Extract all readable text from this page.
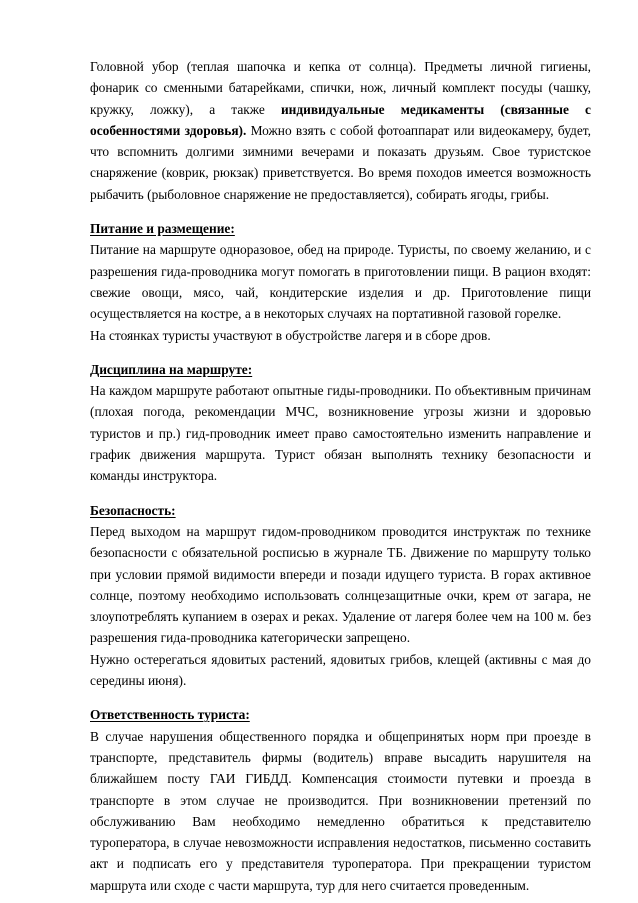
Головной убор (теплая шапочка и кепка от солнца). Предметы личной гигиены, фонарик со сменными батарейками, спички, нож, личный комплект посуды (чашку, кружку, ложку), а также индивидуальные медикаменты (связанные с особенностями здоровья). Можно взять с собой фотоаппарат или видеокамеру, будет, что вспомнить долгими зимними вечерами и показать друзьям. Свое туристское снаряжение (коврик, рюкзак) приветствуется. Во время походов имеется возможность рыбачить (рыболовное снаряжение не предоставляется), собирать ягоды, грибы.

Питание и размещение:

Питание на маршруте одноразовое, обед на природе. Туристы, по своему желанию, и с разрешения гида-проводника могут помогать в приготовлении пищи. В рацион входят: свежие овощи, мясо, чай, кондитерские изделия и др. Приготовление пищи осуществляется на костре, а в некоторых случаях на портативной газовой горелке.

На стоянках туристы участвуют в обустройстве лагеря и в сборе дров.

Дисциплина на маршруте:

На каждом маршруте работают опытные гиды-проводники. По объективным причинам (плохая погода, рекомендации МЧС, возникновение угрозы жизни и здоровью туристов и пр.) гид-проводник имеет право самостоятельно изменить направление и график движения маршрута. Турист обязан выполнять технику безопасности и команды инструктора.

Безопасность:

Перед выходом на маршрут гидом-проводником проводится инструктаж по технике безопасности с обязательной росписью в журнале ТБ. Движение по маршруту только при условии прямой видимости впереди и позади идущего туриста. В горах активное солнце, поэтому необходимо использовать солнцезащитные очки, крем от загара, не злоупотреблять купанием в озерах и реках. Удаление от лагеря более чем на 100 м. без разрешения гида-проводника категорически запрещено.

Нужно остерегаться ядовитых растений, ядовитых грибов, клещей (активны с мая до середины июня).

Ответственность туриста:

В случае нарушения общественного порядка и общепринятых норм при проезде в транспорте, представитель фирмы (водитель) вправе высадить нарушителя на ближайшем посту ГАИ ГИБДД. Компенсация стоимости путевки и проезда в транспорте в этом случае не производится. При возникновении претензий по обслуживанию Вам необходимо немедленно обратиться к представителю туроператора, в случае невозможности исправления недостатков, письменно составить акт и подписать его у представителя туроператора. При прекращении туристом маршрута или сходе с части маршрута, тур для него считается проведенным.
